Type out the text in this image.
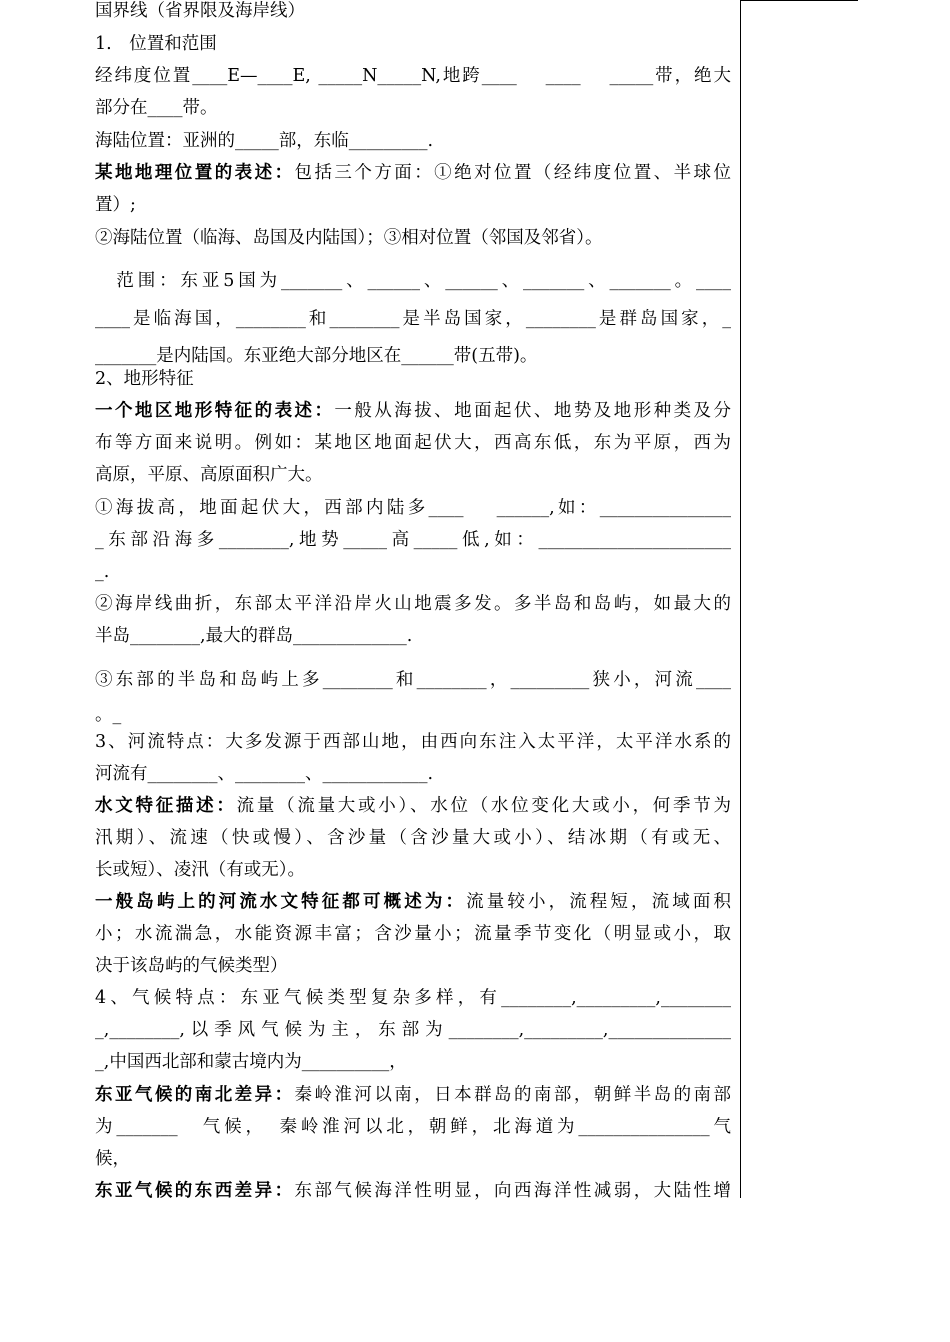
国界线（省界限及海岸线）
1.　位置和范围
经纬度位置____E—____E, _____N_____N,地跨____　 ____　 _____带，绝大
部分在____带。
海陆位置：亚洲的_____部，东临_________.
某地地理位置的表述：包括三个方面：①绝对位置（经纬度位置、半球位
置）;
②海陆位置（临海、岛国及内陆国）；③相对位置（邻国及邻省）。
　范围：东亚5国为_______、______、______、_______、_______。____
____是临海国，________和________是半岛国家，________是群岛国家，_
_______是内陆国。东亚绝大部分地区在______带(五带)。
2、地形特征
一个地区地形特征的表述：一般从海拔、地面起伏、地势及地形种类及分
布等方面来说明。例如：某地区地面起伏大，西高东低，东为平原，西为
高原，平原、高原面积广大。
①海拔高，地面起伏大，西部内陆多____　 ______,如：_______________
_东部沿海多________,地势_____高_____低,如：______________________
_.
②海岸线曲折，东部太平洋沿岸火山地震多发。多半岛和岛屿，如最大的
半岛________,最大的群岛_____________.
③东部的半岛和岛屿上多________和________，_________狭小，河流____
。_
3、河流特点：大多发源于西部山地，由西向东注入太平洋，太平洋水系的
河流有________、________、____________.
水文特征描述：流量（流量大或小）、水位（水位变化大或小，何季节为
汛期）、流速（快或慢）、含沙量（含沙量大或小）、结冰期（有或无、
长或短）、凌汛（有或无）。
一般岛屿上的河流水文特征都可概述为：流量较小，流程短，流域面积
小；水流湍急，水能资源丰富；含沙量小；流量季节变化（明显或小，取
决于该岛屿的气候类型）
4、气候特点：东亚气候类型复杂多样，有________,_________,________
_,________,以季风气候为主，东部为________,_________,______________
_,中国西北部和蒙古境内为__________，
东亚气候的南北差异：秦岭淮河以南，日本群岛的南部，朝鲜半岛的南部
为_______　气候，　秦岭淮河以北，朝鲜，北海道为_______________气
候，
东亚气候的东西差异：东部气候海洋性明显，向西海洋性减弱，大陆性增
